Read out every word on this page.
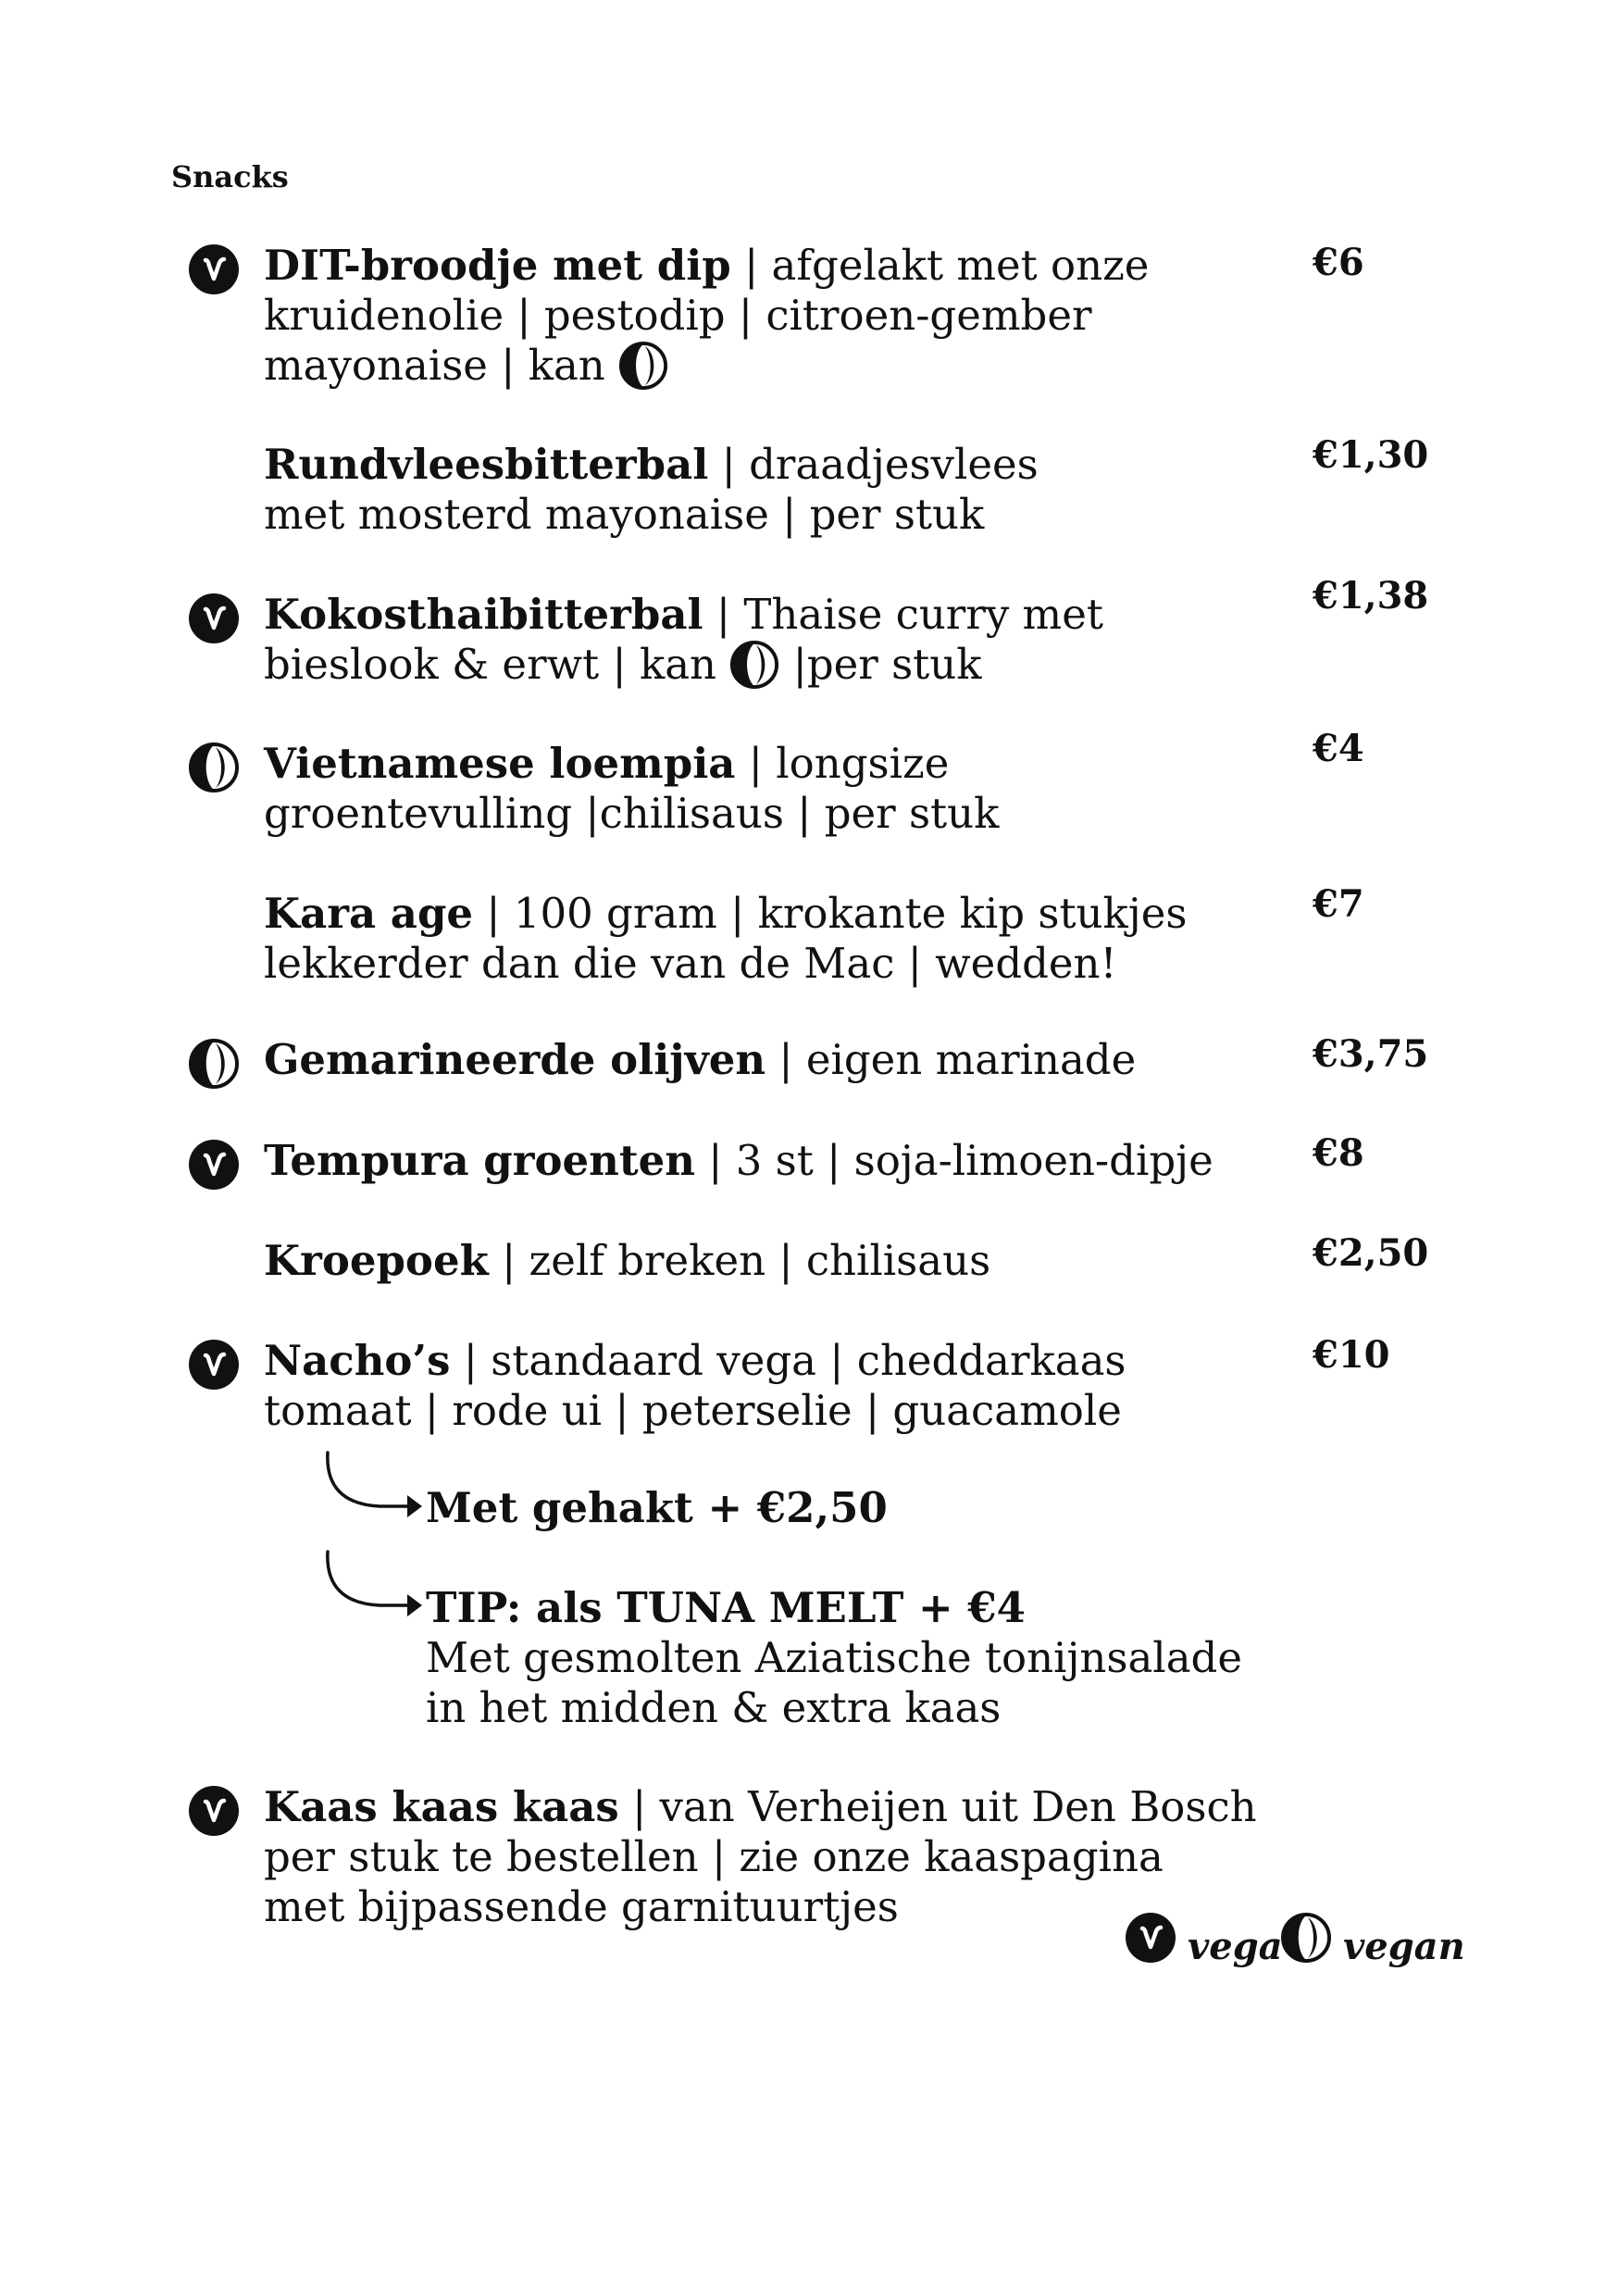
Snacks
DIT-broodje met dip | afgelakt met onze
kruidenolie | pestodip | citroen-gember
mayonaise | kan
€6
Rundvleesbitterbal | draadjesvlees
met mosterd mayonaise | per stuk
€1,30
Kokosthaibitterbal | Thaise curry met
bieslook & erwt | kan |per stuk
€1,38
Vietnamese loempia | longsize
groentevulling |chilisaus | per stuk
€4
Kara age | 100 gram | krokante kip stukjes
lekkerder dan die van de Mac | wedden!
€7
Gemarineerde olijven | eigen marinade	€3,75
Tempura groenten | 3 st | soja-limoen-dipje	€8
Kroepoek | zelf breken | chilisaus	€2,50
Nacho’s | standaard vega | cheddarkaas
tomaat | rode ui | peterselie | guacamole
€10
Met gehakt + €2,50
TIP: als TUNA MELT + €4
Met gesmolten Aziatische tonijnsalade
in het midden & extra kaas
Kaas kaas kaas | van Verheijen uit Den Bosch
per stuk te bestellen | zie onze kaaspagina
met bijpassende garnituurtjes
vega vegan
